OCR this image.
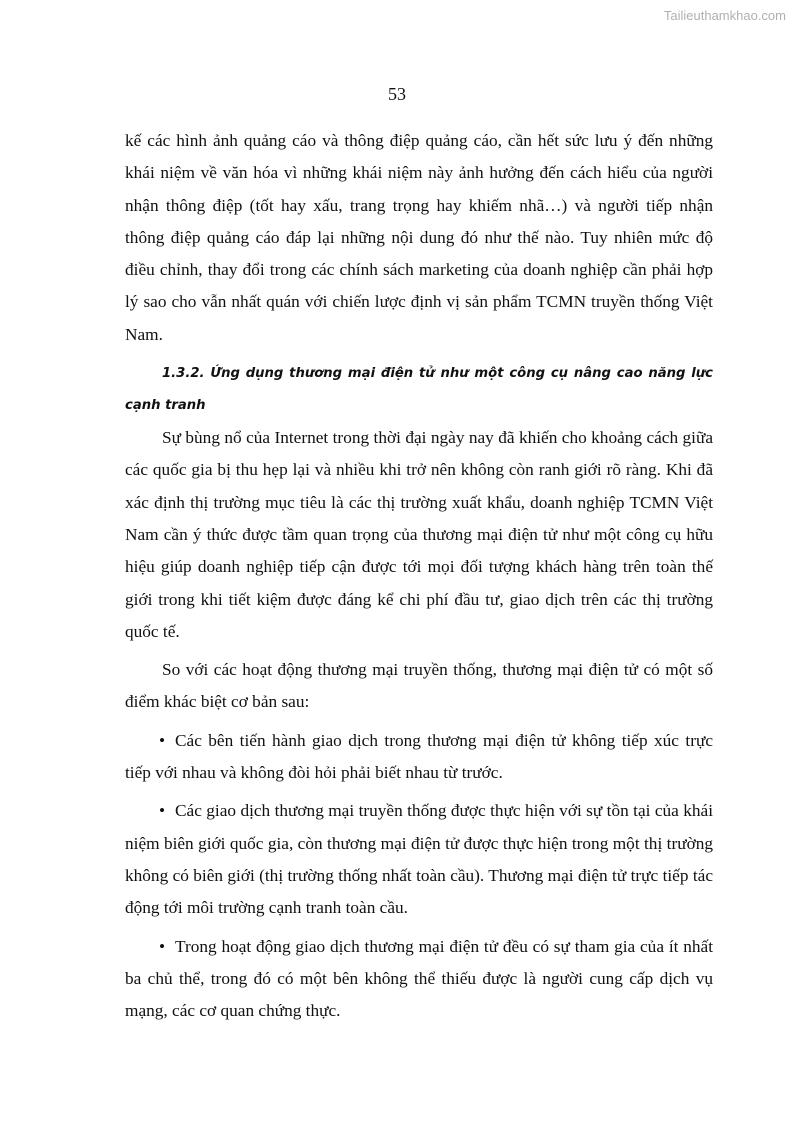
Tailieuthamkhao.com
53

kế các hình ảnh quảng cáo và thông điệp quảng cáo, cần hết sức lưu ý đến những khái niệm về văn hóa vì những khái niệm này ảnh hưởng đến cách hiểu của người nhận thông điệp (tốt hay xấu, trang trọng hay khiếm nhã…) và người tiếp nhận thông điệp quảng cáo đáp lại những nội dung đó như thế nào. Tuy nhiên mức độ điều chỉnh, thay đổi trong các chính sách marketing của doanh nghiệp cần phải hợp lý sao cho vẫn nhất quán với chiến lược định vị sản phẩm TCMN truyền thống Việt Nam.

1.3.2. Ứng dụng thương mại điện tử như một công cụ nâng cao năng lực cạnh tranh

Sự bùng nổ của Internet trong thời đại ngày nay đã khiến cho khoảng cách giữa các quốc gia bị thu hẹp lại và nhiều khi trở nên không còn ranh giới rõ ràng. Khi đã xác định thị trường mục tiêu là các thị trường xuất khẩu, doanh nghiệp TCMN Việt Nam cần ý thức được tầm quan trọng của thương mại điện tử như một công cụ hữu hiệu giúp doanh nghiệp tiếp cận được tới mọi đối tượng khách hàng trên toàn thế giới trong khi tiết kiệm được đáng kể chi phí đầu tư, giao dịch trên các thị trường quốc tế.

So với các hoạt động thương mại truyền thống, thương mại điện tử có một số điểm khác biệt cơ bản sau:

• Các bên tiến hành giao dịch trong thương mại điện tử không tiếp xúc trực tiếp với nhau và không đòi hỏi phải biết nhau từ trước.

• Các giao dịch thương mại truyền thống được thực hiện với sự tồn tại của khái niệm biên giới quốc gia, còn thương mại điện tử được thực hiện trong một thị trường không có biên giới (thị trường thống nhất toàn cầu). Thương mại điện tử trực tiếp tác động tới môi trường cạnh tranh toàn cầu.

• Trong hoạt động giao dịch thương mại điện tử đều có sự tham gia của ít nhất ba chủ thể, trong đó có một bên không thể thiếu được là người cung cấp dịch vụ mạng, các cơ quan chứng thực.
